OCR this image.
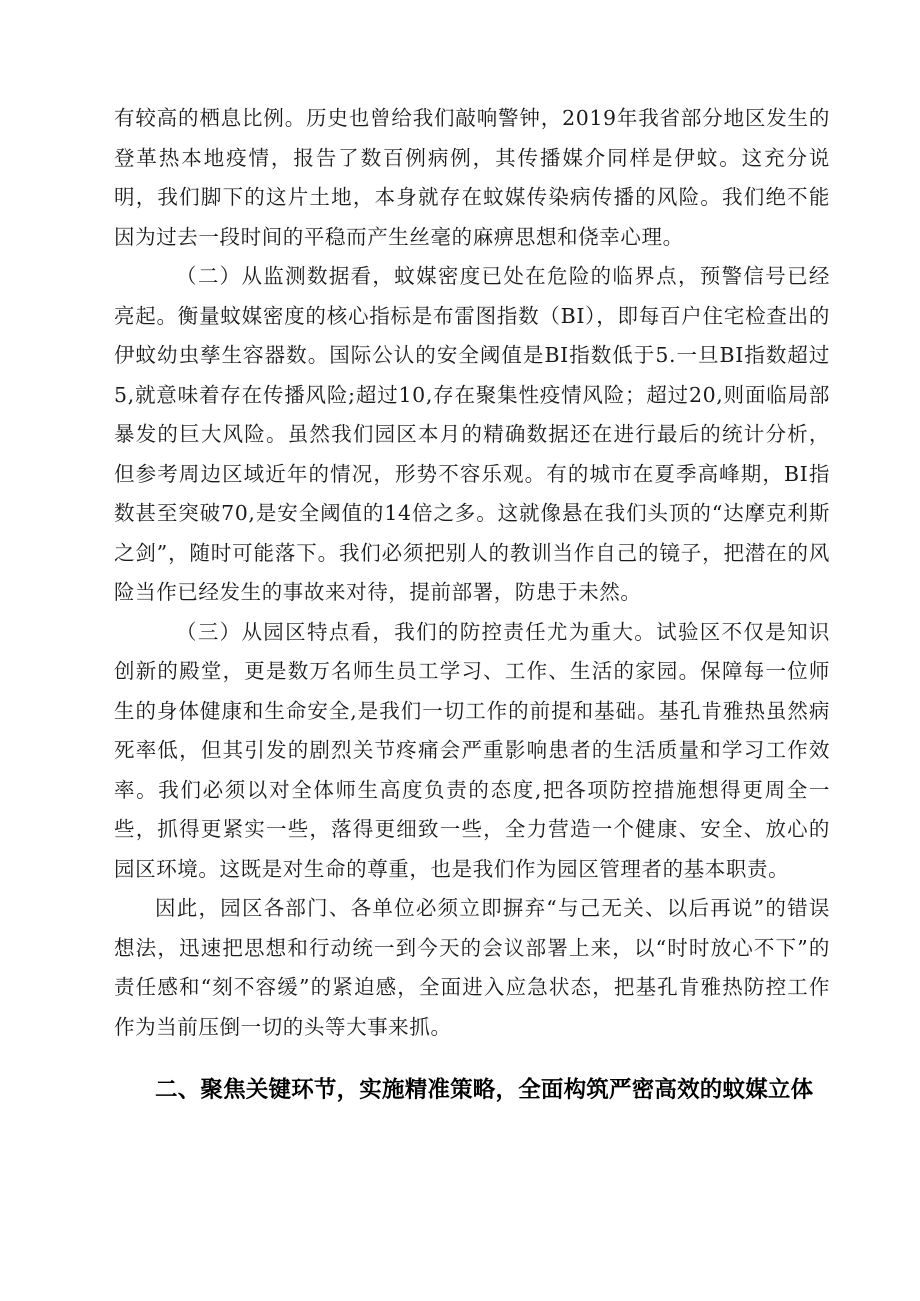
有较高的栖息比例。历史也曾给我们敲响警钟，2019年我省部分地区发生的登革热本地疫情，报告了数百例病例，其传播媒介同样是伊蚊。这充分说明，我们脚下的这片土地，本身就存在蚊媒传染病传播的风险。我们绝不能因为过去一段时间的平稳而产生丝毫的麻痹思想和侥幸心理。

（二）从监测数据看，蚊媒密度已处在危险的临界点，预警信号已经亮起。衡量蚊媒密度的核心指标是布雷图指数（BI），即每百户住宅检查出的伊蚊幼虫孳生容器数。国际公认的安全阈值是BI指数低于5.一旦BI指数超过5,就意味着存在传播风险;超过10,存在聚集性疫情风险；超过20,则面临局部暴发的巨大风险。虽然我们园区本月的精确数据还在进行最后的统计分析，但参考周边区域近年的情况，形势不容乐观。有的城市在夏季高峰期，BI指数甚至突破70,是安全阈值的14倍之多。这就像悬在我们头顶的“达摩克利斯之剑”，随时可能落下。我们必须把别人的教训当作自己的镜子，把潜在的风险当作已经发生的事故来对待，提前部署，防患于未然。

（三）从园区特点看，我们的防控责任尤为重大。试验区不仅是知识创新的殿堂，更是数万名师生员工学习、工作、生活的家园。保障每一位师生的身体健康和生命安全,是我们一切工作的前提和基础。基孔肯雅热虽然病死率低，但其引发的剧烈关节疼痛会严重影响患者的生活质量和学习工作效率。我们必须以对全体师生高度负责的态度,把各项防控措施想得更周全一些，抓得更紧实一些，落得更细致一些，全力营造一个健康、安全、放心的园区环境。这既是对生命的尊重，也是我们作为园区管理者的基本职责。

因此，园区各部门、各单位必须立即摒弃“与己无关、以后再说”的错误想法，迅速把思想和行动统一到今天的会议部署上来，以“时时放心不下”的责任感和“刻不容缓”的紧迫感，全面进入应急状态，把基孔肯雅热防控工作作为当前压倒一切的头等大事来抓。

二、聚焦关键环节，实施精准策略，全面构筑严密高效的蚊媒立体
